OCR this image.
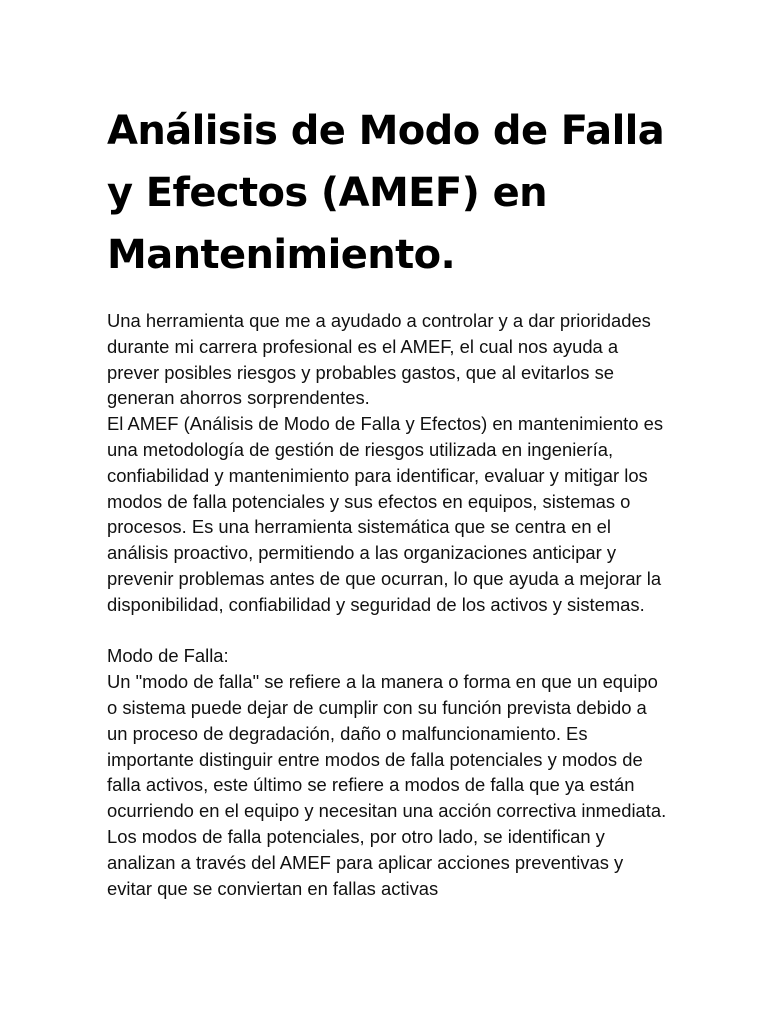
Análisis de Modo de Falla y Efectos (AMEF) en Mantenimiento.

Una herramienta que me a ayudado a controlar y a dar prioridades durante mi carrera profesional es el AMEF, el cual nos ayuda a prever posibles riesgos y probables gastos, que al evitarlos se generan ahorros sorprendentes.

El AMEF (Análisis de Modo de Falla y Efectos) en mantenimiento es una metodología de gestión de riesgos utilizada en ingeniería, confiabilidad y mantenimiento para identificar, evaluar y mitigar los modos de falla potenciales y sus efectos en equipos, sistemas o procesos. Es una herramienta sistemática que se centra en el análisis proactivo, permitiendo a las organizaciones anticipar y prevenir problemas antes de que ocurran, lo que ayuda a mejorar la disponibilidad, confiabilidad y seguridad de los activos y sistemas.

Modo de Falla:

Un "modo de falla" se refiere a la manera o forma en que un equipo o sistema puede dejar de cumplir con su función prevista debido a un proceso de degradación, daño o malfuncionamiento. Es importante distinguir entre modos de falla potenciales y modos de falla activos, este último se refiere a modos de falla que ya están ocurriendo en el equipo y necesitan una acción correctiva inmediata. Los modos de falla potenciales, por otro lado, se identifican y analizan a través del AMEF para aplicar acciones preventivas y evitar que se conviertan en fallas activas
